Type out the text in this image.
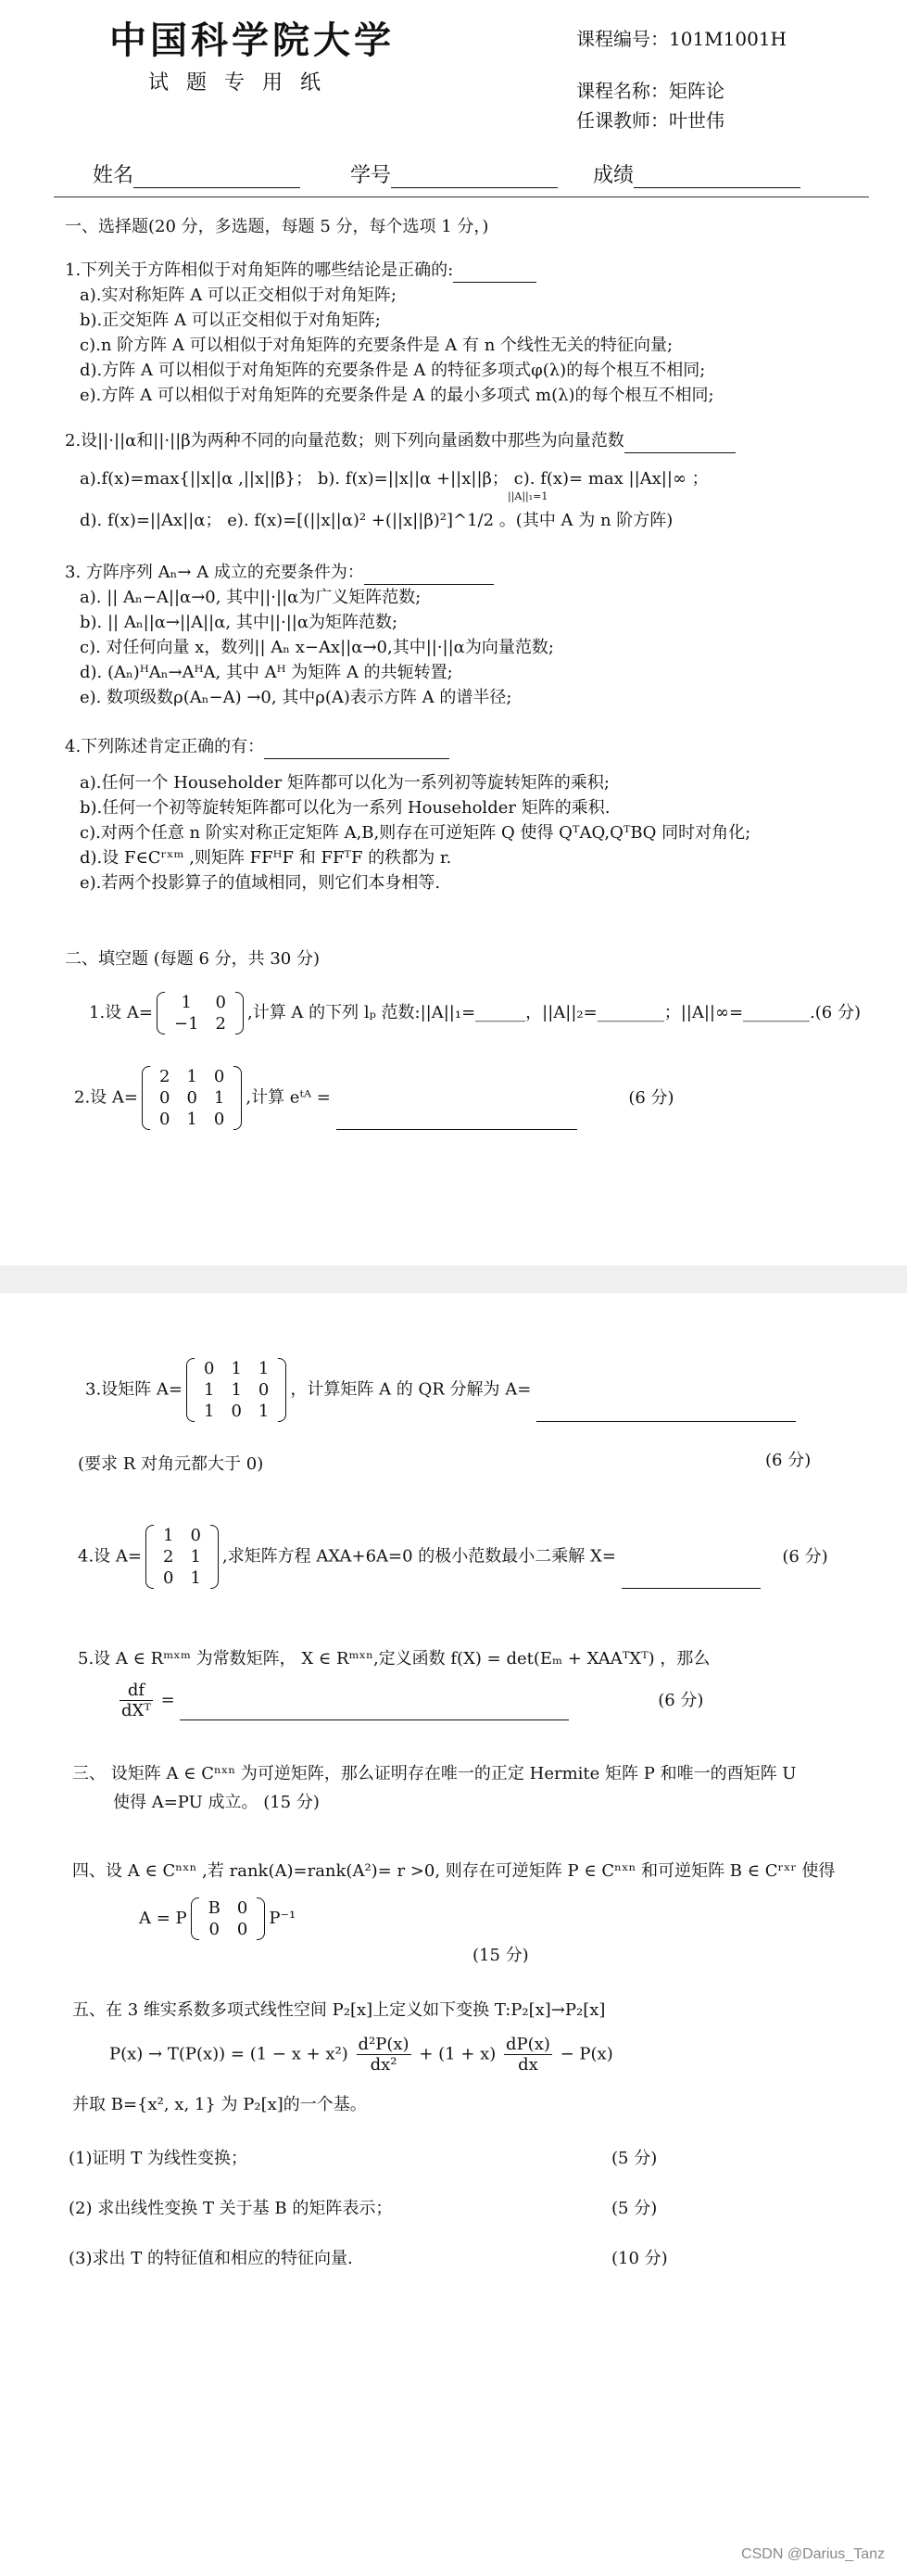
中国科学院大学
试 题 专 用 纸
课程编号：101M1001H
课程名称：矩阵论
任课教师：叶世伟
姓名	学号	成绩
一、选择题(20 分，多选题，每题 5 分，每个选项 1 分，)
1.下列关于方阵相似于对角矩阵的哪些结论是正确的:
a).实对称矩阵 A 可以正交相似于对角矩阵;
b).正交矩阵 A 可以正交相似于对角矩阵;
c).n 阶方阵 A 可以相似于对角矩阵的充要条件是 A 有 n 个线性无关的特征向量;
d).方阵 A 可以相似于对角矩阵的充要条件是 A 的特征多项式φ(λ)的每个根互不相同;
e).方阵 A 可以相似于对角矩阵的充要条件是 A 的最小多项式 m(λ)的每个根互不相同;
2.设||·||α和||·||β为两种不同的向量范数；则下列向量函数中那些为向量范数
a).f(x)=max{||x||α ,||x||β}； b). f(x)=||x||α +||x||β； c). f(x)= max ||Ax||∞ ；
||A||₁=1
d). f(x)=||Ax||α； e). f(x)=[(||x||α)² +(||x||β)²]^1/2 。(其中 A 为 n 阶方阵)
3. 方阵序列 Aₙ→ A 成立的充要条件为：
a). || Aₙ−A||α→0, 其中||·||α为广义矩阵范数;
b). || Aₙ||α→||A||α, 其中||·||α为矩阵范数;
c). 对任何向量 x，数列|| Aₙ x−Ax||α→0,其中||·||α为向量范数;
d). (Aₙ)ᴴAₙ→AᴴA, 其中 Aᴴ 为矩阵 A 的共轭转置;
e). 数项级数ρ(Aₙ−A) →0, 其中ρ(A)表示方阵 A 的谱半径;
4.下列陈述肯定正确的有：
a).任何一个 Householder 矩阵都可以化为一系列初等旋转矩阵的乘积;
b).任何一个初等旋转矩阵都可以化为一系列 Householder 矩阵的乘积.
c).对两个任意 n 阶实对称正定矩阵 A,B,则存在可逆矩阵 Q 使得 QᵀAQ,QᵀBQ 同时对角化;
d).设 F∈Cʳˣᵐ ,则矩阵 FFᴴF 和 FFᵀF 的秩都为 r.
e).若两个投影算子的值域相同，则它们本身相等.
二、填空题 (每题 6 分，共 30 分)
1.设 A=
1	0
−1	2
,计算 A 的下列 lₚ 范数:||A||₁=______，||A||₂=________；||A||∞=________.(6 分)
2.设 A=
2	1	0
0	0	1
0	1	0
,计算 eᵗᴬ =	(6 分)
3.设矩阵 A=
0	1	1
1	1	0
1	0	1
，计算矩阵 A 的 QR 分解为 A=
(要求 R 对角元都大于 0)	(6 分)
4.设 A=
1	0
2	1
0	1
,求矩阵方程 AXA+6A=0 的极小范数最小二乘解 X=	(6 分)
5.设 A ∈ Rᵐˣᵐ 为常数矩阵， X ∈ Rᵐˣⁿ,定义函数 f(X) = det(Eₘ + XAAᵀXᵀ) ，那么
$\frac{df}{\text{dXᵀ}}$ =	(6 分)
三、 设矩阵 A ∈ Cⁿˣⁿ 为可逆矩阵，那么证明存在唯一的正定 Hermite 矩阵 P 和唯一的酉矩阵 U
使得 A=PU 成立。 (15 分)
四、设 A ∈ Cⁿˣⁿ ,若 rank(A)=rank(A²)= r >0, 则存在可逆矩阵 P ∈ Cⁿˣⁿ 和可逆矩阵 B ∈ Cʳˣʳ 使得
A = P
B	0
0	0
P⁻¹
(15 分)
五、在 3 维实系数多项式线性空间 P₂[x]上定义如下变换 T:P₂[x]→P₂[x]
$P(x) \to T(P(x)) = (1 - x + x^2) \frac{\text{d²P(x)}}{\text{dx²}} + (1 + x) \frac{dP(x)}{dx} - P(x)$
并取 B={x², x, 1} 为 P₂[x]的一个基。
(1)证明 T 为线性变换；	(5 分)
(2) 求出线性变换 T 关于基 B 的矩阵表示；	(5 分)
(3)求出 T 的特征值和相应的特征向量.	(10 分)
CSDN @Darius_Tanz
